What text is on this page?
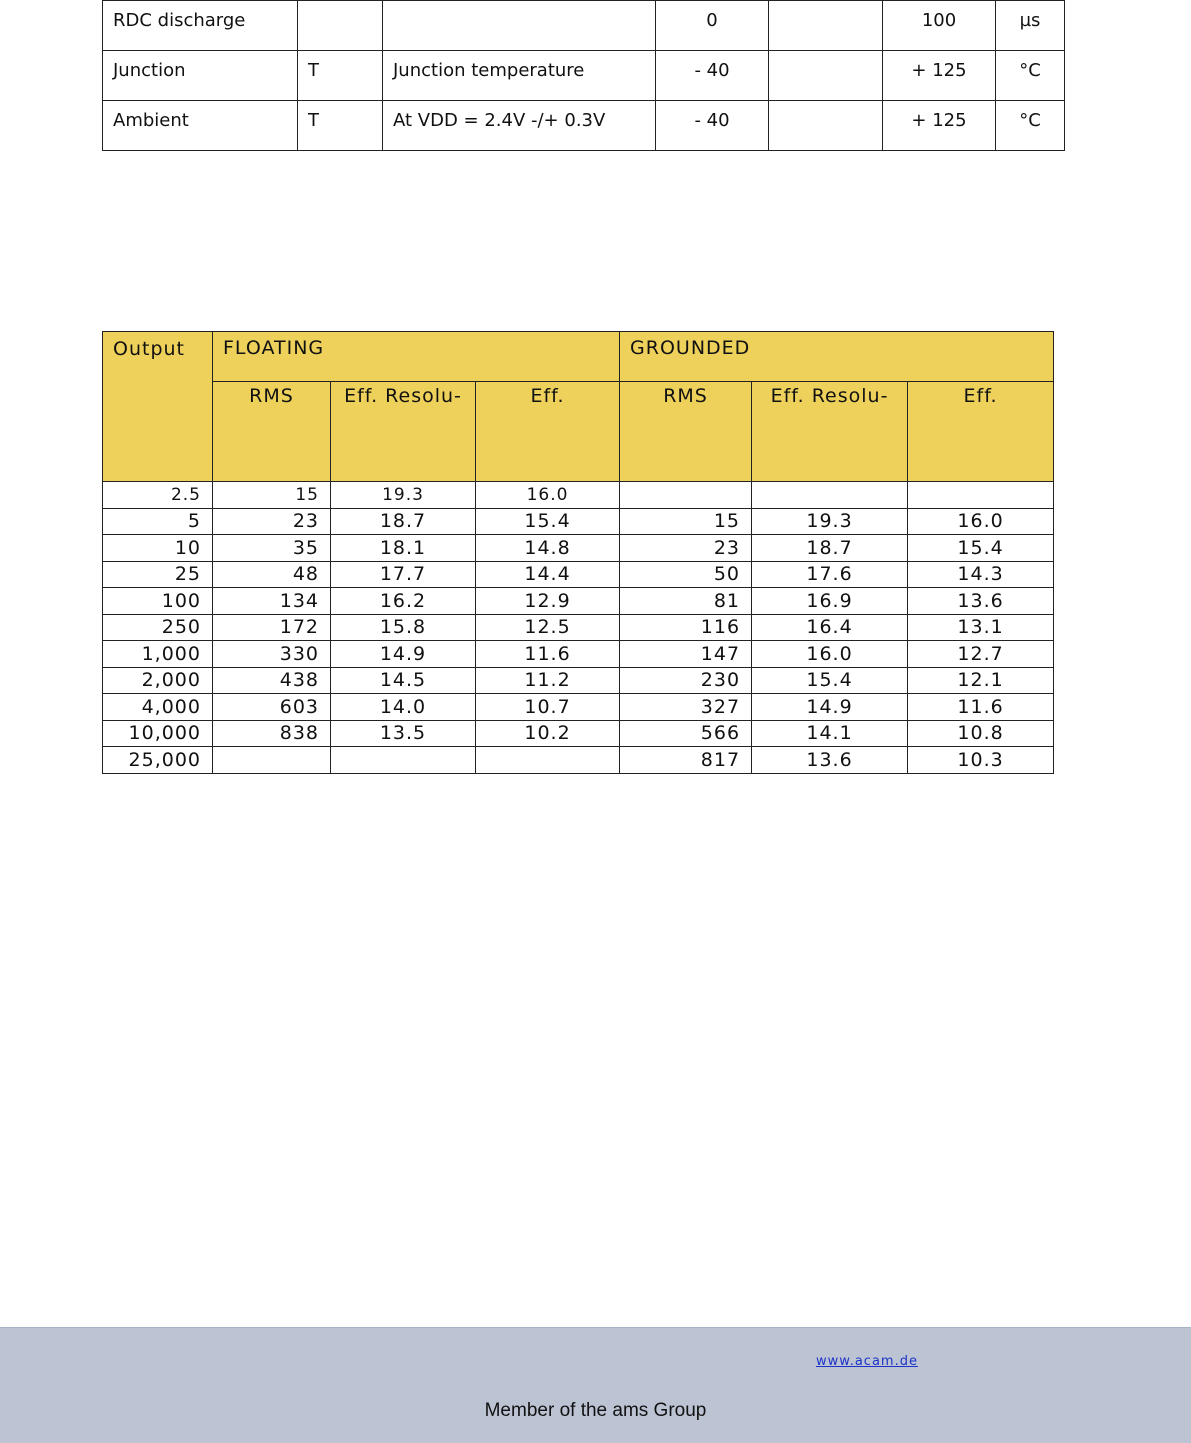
RDC discharge			0		100	µs
Junction	T	Junction temperature	- 40		+ 125	°C
Ambient	T	At VDD = 2.4V -/+ 0.3V	- 40		+ 125	°C
Output	FLOATING			GROUNDED		
	RMS	Eff. Resolu-	Eff.	RMS	Eff. Resolu-	Eff.
2.5	15	19.3	16.0			
5	23	18.7	15.4	15	19.3	16.0
10	35	18.1	14.8	23	18.7	15.4
25	48	17.7	14.4	50	17.6	14.3
100	134	16.2	12.9	81	16.9	13.6
250	172	15.8	12.5	116	16.4	13.1
1,000	330	14.9	11.6	147	16.0	12.7
2,000	438	14.5	11.2	230	15.4	12.1
4,000	603	14.0	10.7	327	14.9	11.6
10,000	838	13.5	10.2	566	14.1	10.8
25,000				817	13.6	10.3
www.acam.de
Member of the ams Group
